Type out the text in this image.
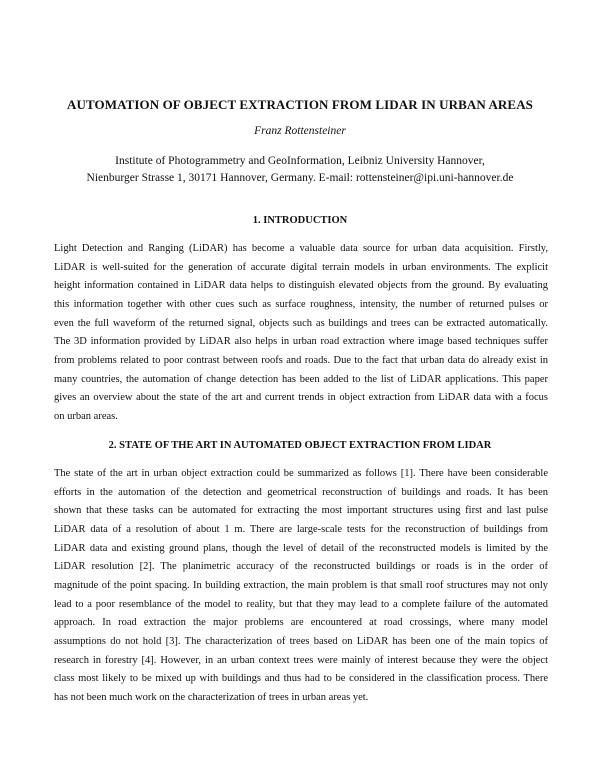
AUTOMATION OF OBJECT EXTRACTION FROM LIDAR IN URBAN AREAS
Franz Rottensteiner
Institute of Photogrammetry and GeoInformation, Leibniz University Hannover,
Nienburger Strasse 1, 30171 Hannover, Germany. E-mail: rottensteiner@ipi.uni-hannover.de
1. INTRODUCTION
Light Detection and Ranging (LiDAR) has become a valuable data source for urban data acquisition. Firstly,
LiDAR is well-suited for the generation of accurate digital terrain models in urban environments. The explicit
height information contained in LiDAR data helps to distinguish elevated objects from the ground. By evaluating
this information together with other cues such as surface roughness, intensity, the number of returned pulses or
even the full waveform of the returned signal, objects such as buildings and trees can be extracted automatically.
The 3D information provided by LiDAR also helps in urban road extraction where image based techniques suffer
from problems related to poor contrast between roofs and roads. Due to the fact that urban data do already exist in
many countries, the automation of change detection has been added to the list of LiDAR applications. This paper
gives an overview about the state of the art and current trends in object extraction from LiDAR data with a focus
on urban areas.
2. STATE OF THE ART IN AUTOMATED OBJECT EXTRACTION FROM LIDAR
The state of the art in urban object extraction could be summarized as follows [1]. There have been considerable
efforts in the automation of the detection and geometrical reconstruction of buildings and roads. It has been
shown that these tasks can be automated for extracting the most important structures using first and last pulse
LiDAR data of a resolution of about 1 m. There are large-scale tests for the reconstruction of buildings from
LiDAR data and existing ground plans, though the level of detail of the reconstructed models is limited by the
LiDAR resolution [2]. The planimetric accuracy of the reconstructed buildings or roads is in the order of
magnitude of the point spacing. In building extraction, the main problem is that small roof structures may not only
lead to a poor resemblance of the model to reality, but that they may lead to a complete failure of the automated
approach. In road extraction the major problems are encountered at road crossings, where many model
assumptions do not hold [3]. The characterization of trees based on LiDAR has been one of the main topics of
research in forestry [4]. However, in an urban context trees were mainly of interest because they were the object
class most likely to be mixed up with buildings and thus had to be considered in the classification process. There
has not been much work on the characterization of trees in urban areas yet.
